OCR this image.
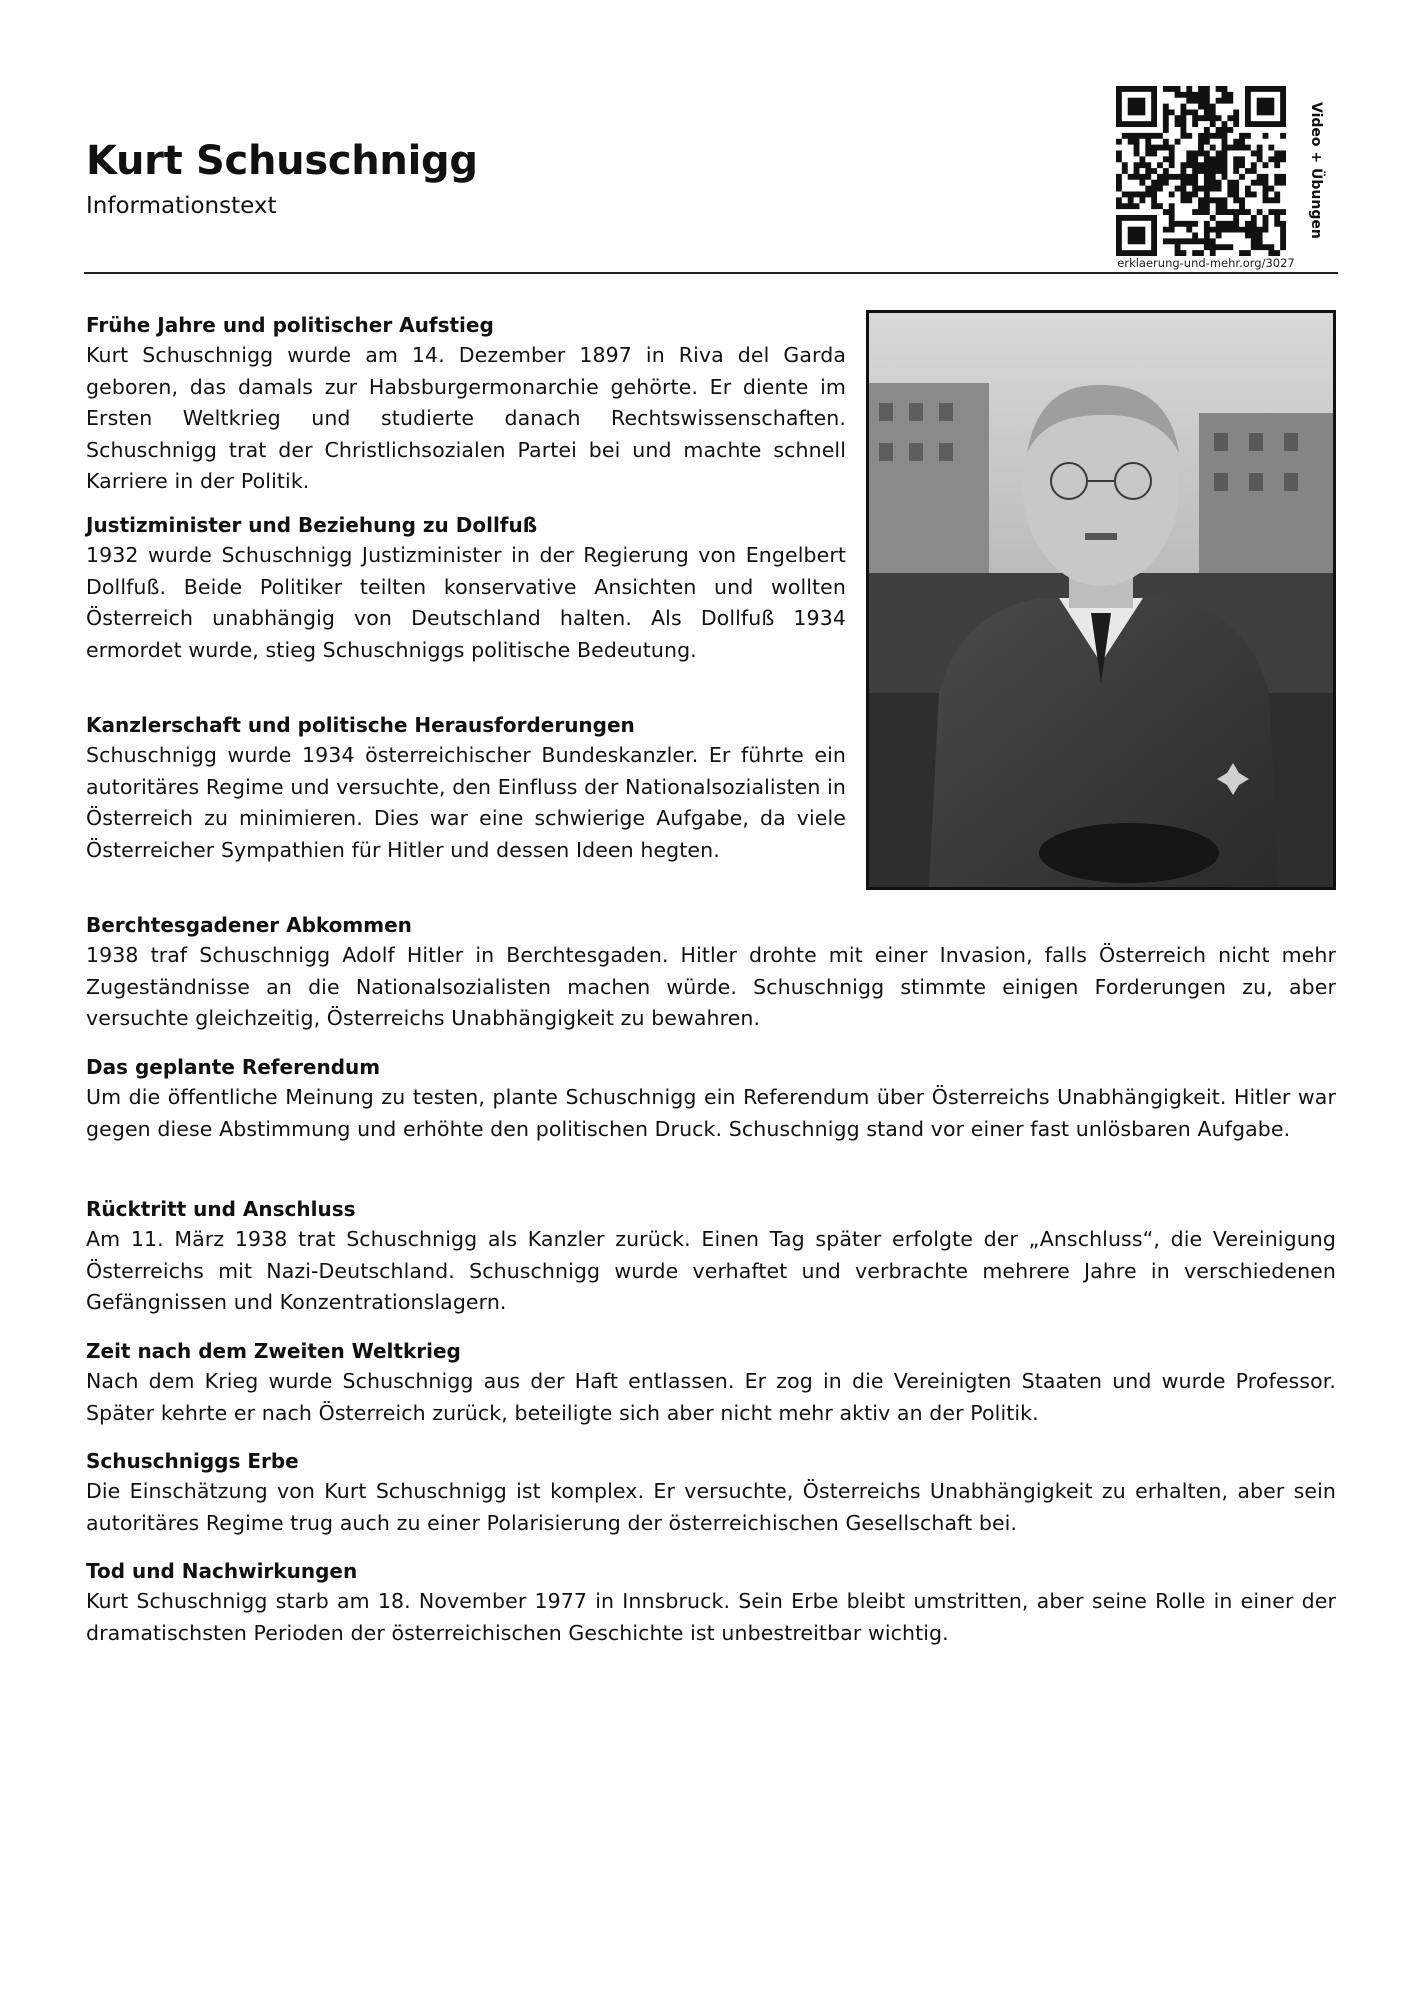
Kurt Schuschnigg
Informationstext
erklaerung-und-mehr.org/3027
Video + Übungen
Frühe Jahre und politischer Aufstieg

Kurt Schuschnigg wurde am 14. Dezember 1897 in Riva del Garda geboren, das damals zur Habsburgermonarchie gehörte. Er diente im Ersten Weltkrieg und studierte danach Rechtswissenschaften. Schuschnigg trat der Christlichsozialen Partei bei und machte schnell Karriere in der Politik.

Justizminister und Beziehung zu Dollfuß

1932 wurde Schuschnigg Justizminister in der Regierung von Engelbert Dollfuß. Beide Politiker teilten konservative Ansichten und wollten Österreich unabhängig von Deutschland halten. Als Dollfuß 1934 ermordet wurde, stieg Schuschniggs politische Bedeutung.

Kanzlerschaft und politische Herausforderungen

Schuschnigg wurde 1934 österreichischer Bundeskanzler. Er führte ein autoritäres Regime und versuchte, den Einfluss der Nationalsozialisten in Österreich zu minimieren. Dies war eine schwierige Aufgabe, da viele Österreicher Sympathien für Hitler und dessen Ideen hegten.

Berchtesgadener Abkommen

1938 traf Schuschnigg Adolf Hitler in Berchtesgaden. Hitler drohte mit einer Invasion, falls Österreich nicht mehr Zugeständnisse an die Nationalsozialisten machen würde. Schuschnigg stimmte einigen Forderungen zu, aber versuchte gleichzeitig, Österreichs Unabhängigkeit zu bewahren.

Das geplante Referendum

Um die öffentliche Meinung zu testen, plante Schuschnigg ein Referendum über Österreichs Unabhängigkeit. Hitler war gegen diese Abstimmung und erhöhte den politischen Druck. Schuschnigg stand vor einer fast unlösbaren Aufgabe.

Rücktritt und Anschluss

Am 11. März 1938 trat Schuschnigg als Kanzler zurück. Einen Tag später erfolgte der „Anschluss“, die Vereinigung Österreichs mit Nazi-Deutschland. Schuschnigg wurde verhaftet und verbrachte mehrere Jahre in verschiedenen Gefängnissen und Konzentrationslagern.

Zeit nach dem Zweiten Weltkrieg

Nach dem Krieg wurde Schuschnigg aus der Haft entlassen. Er zog in die Vereinigten Staaten und wurde Professor. Später kehrte er nach Österreich zurück, beteiligte sich aber nicht mehr aktiv an der Politik.

Schuschniggs Erbe

Die Einschätzung von Kurt Schuschnigg ist komplex. Er versuchte, Österreichs Unabhängigkeit zu erhalten, aber sein autoritäres Regime trug auch zu einer Polarisierung der österreichischen Gesellschaft bei.

Tod und Nachwirkungen

Kurt Schuschnigg starb am 18. November 1977 in Innsbruck. Sein Erbe bleibt umstritten, aber seine Rolle in einer der dramatischsten Perioden der österreichischen Geschichte ist unbestreitbar wichtig.
